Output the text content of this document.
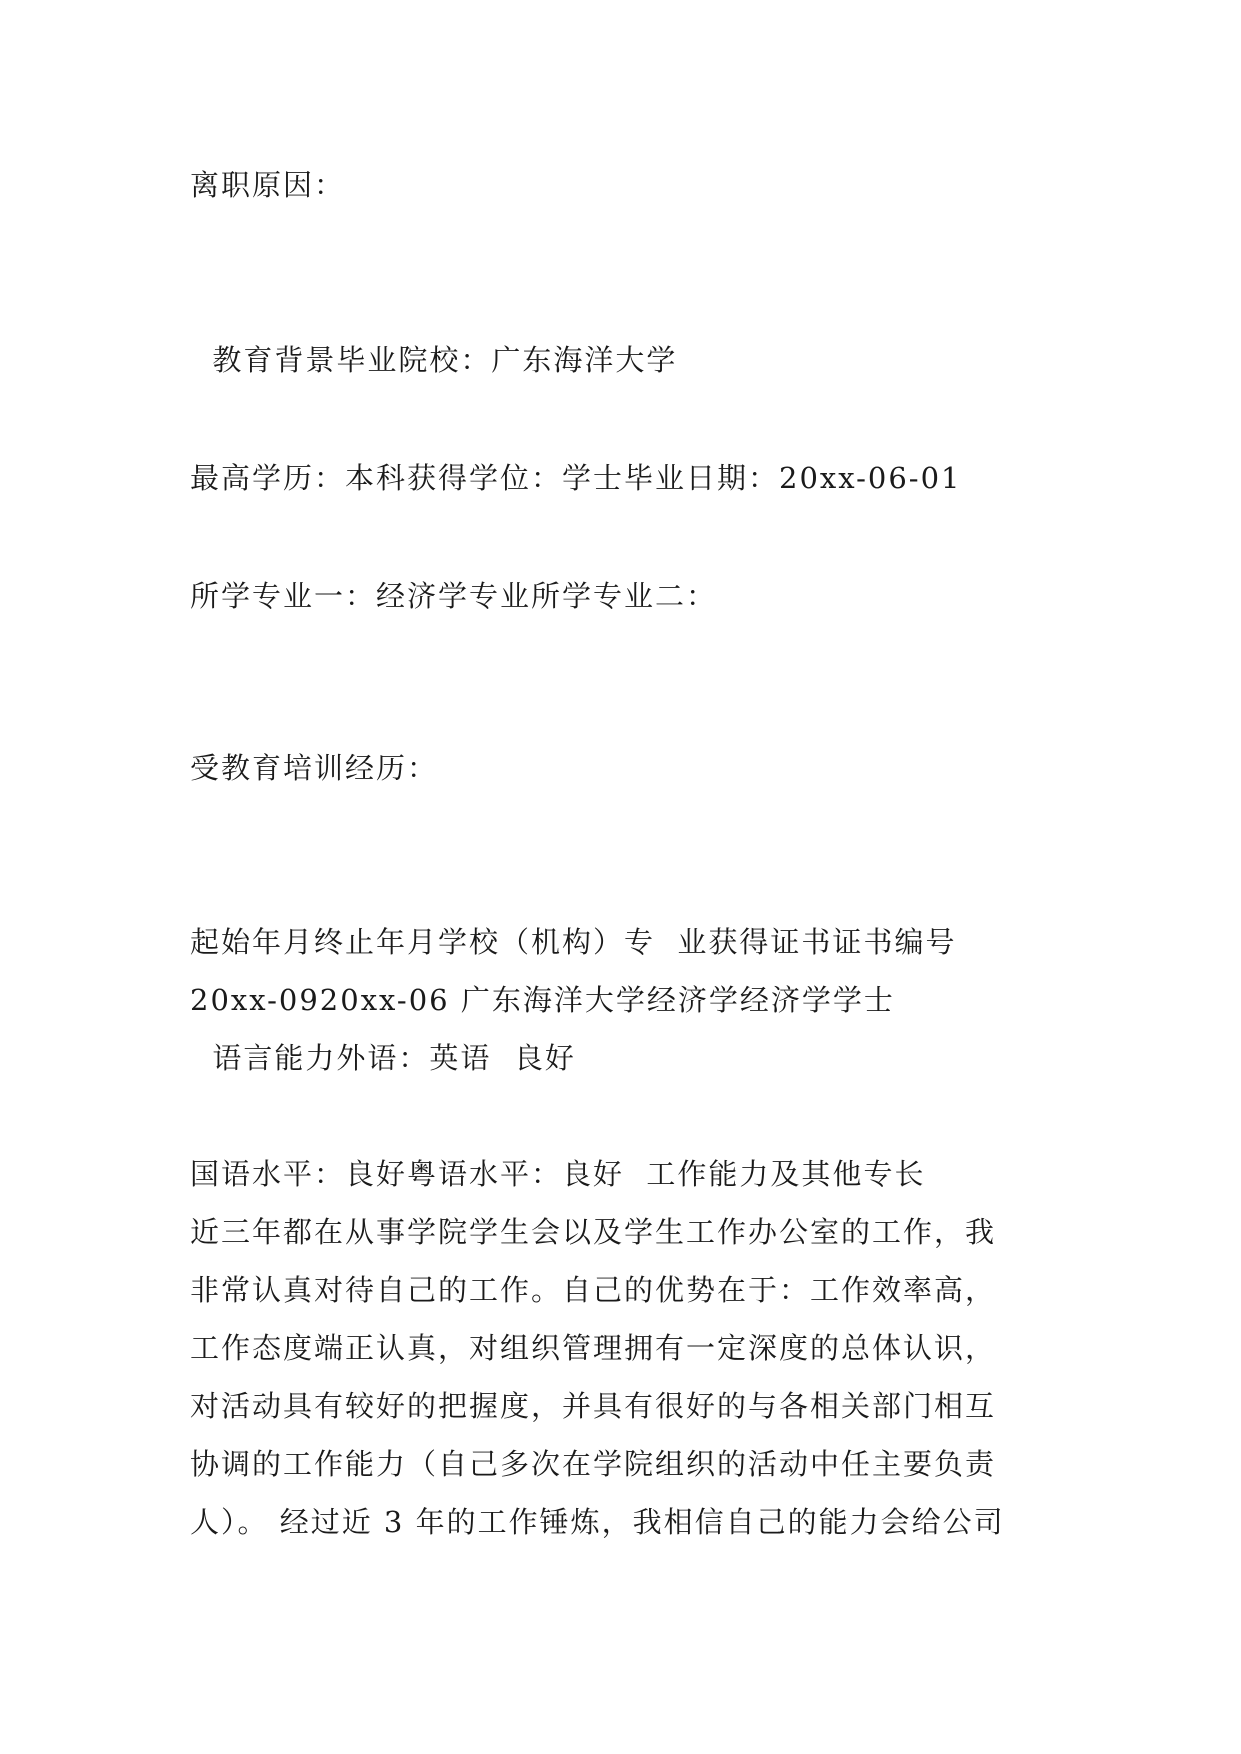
离职原因：
教育背景毕业院校：广东海洋大学
最高学历：本科获得学位：学士毕业日期：20xx-06-01
所学专业一：经济学专业所学专业二：
受教育培训经历：
起始年月终止年月学校（机构）专  业获得证书证书编号
20xx-0920xx-06 广东海洋大学经济学经济学学士
语言能力外语：英语  良好
国语水平：良好粤语水平：良好  工作能力及其他专长
近三年都在从事学院学生会以及学生工作办公室的工作，我
非常认真对待自己的工作。自己的优势在于：工作效率高，
工作态度端正认真，对组织管理拥有一定深度的总体认识，
对活动具有较好的把握度，并具有很好的与各相关部门相互
协调的工作能力（自己多次在学院组织的活动中任主要负责
人）。 经过近 3 年的工作锤炼，我相信自己的能力会给公司
